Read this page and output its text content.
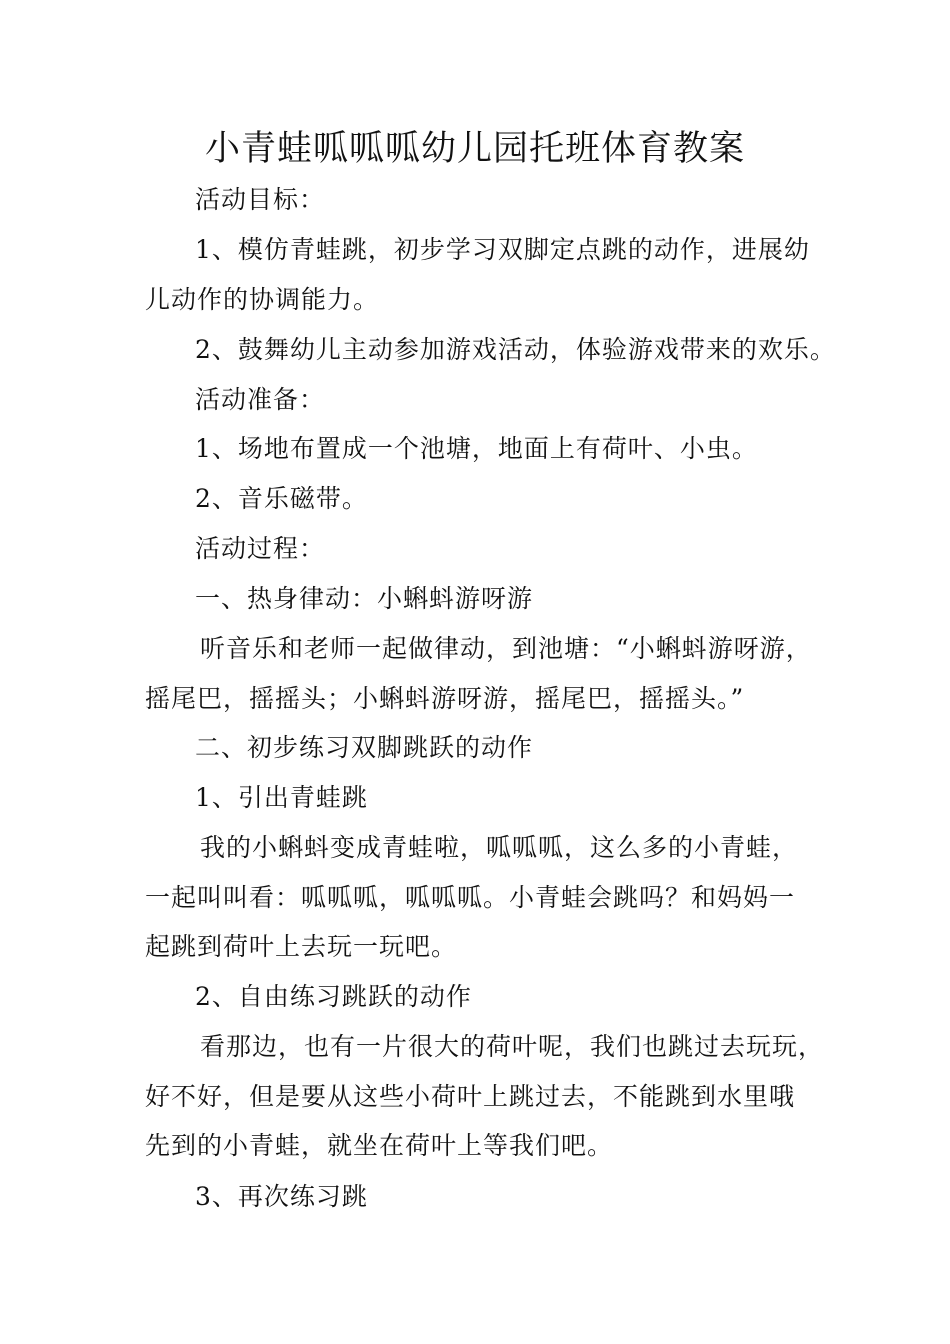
小青蛙呱呱呱幼儿园托班体育教案

活动目标：

1、模仿青蛙跳，初步学习双脚定点跳的动作，进展幼

儿动作的协调能力。

2、鼓舞幼儿主动参加游戏活动，体验游戏带来的欢乐。

活动准备：

1、场地布置成一个池塘，地面上有荷叶、小虫。

2、音乐磁带。

活动过程：

一、热身律动：小蝌蚪游呀游

听音乐和老师一起做律动，到池塘：“小蝌蚪游呀游，

摇尾巴，摇摇头；小蝌蚪游呀游，摇尾巴，摇摇头。”

二、初步练习双脚跳跃的动作

1、引出青蛙跳

我的小蝌蚪变成青蛙啦，呱呱呱，这么多的小青蛙，

一起叫叫看：呱呱呱，呱呱呱。小青蛙会跳吗？和妈妈一

起跳到荷叶上去玩一玩吧。

2、自由练习跳跃的动作

看那边，也有一片很大的荷叶呢，我们也跳过去玩玩，

好不好，但是要从这些小荷叶上跳过去，不能跳到水里哦

先到的小青蛙，就坐在荷叶上等我们吧。

3、再次练习跳
